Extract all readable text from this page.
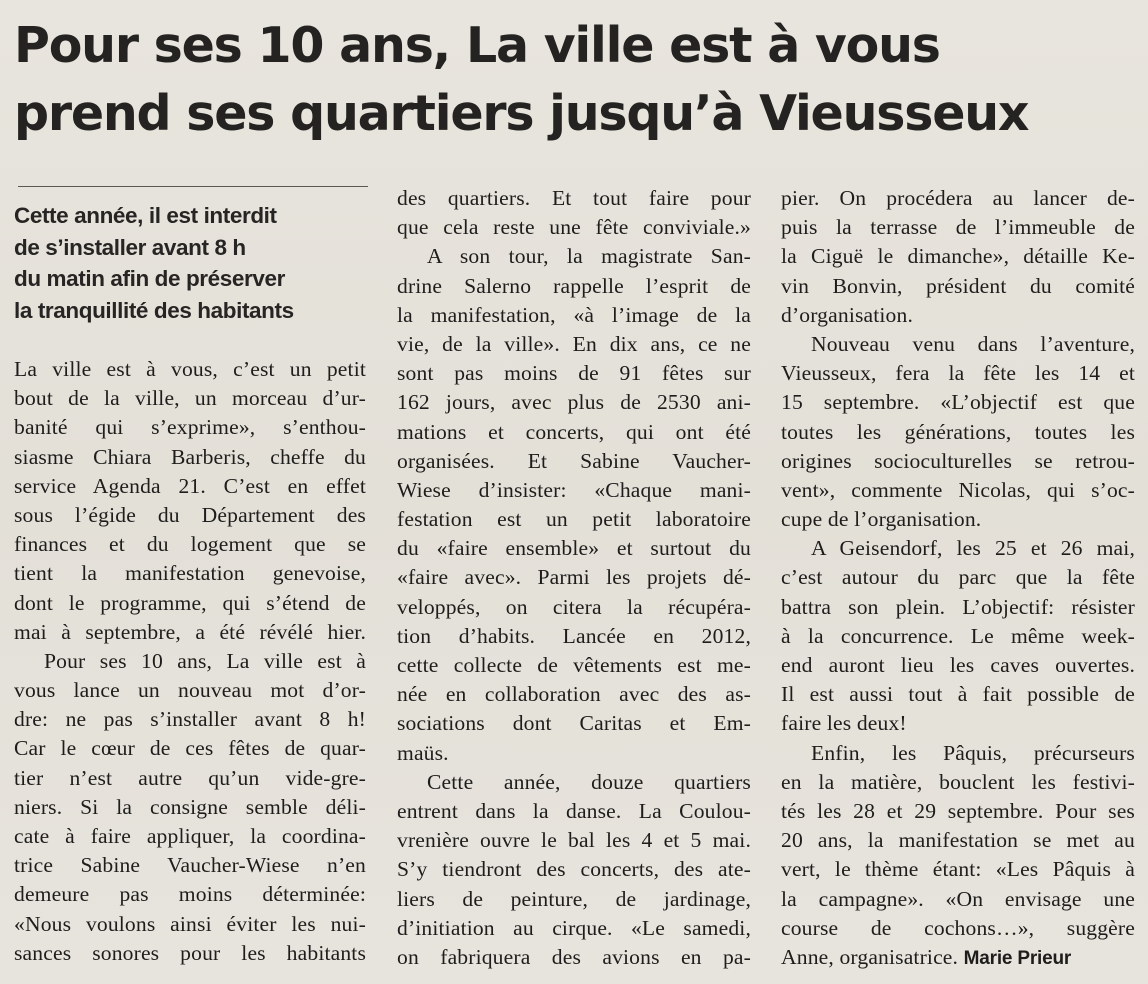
Pour ses 10 ans, La ville est à vous
prend ses quartiers jusqu’à Vieusseux
Cette année, il est interdit
de s’installer avant 8 h
du matin afin de préserver
la tranquillité des habitants
La ville est à vous, c’est un petit
bout de la ville, un morceau d’ur-
banité qui s’exprime», s’enthou-
siasme Chiara Barberis, cheffe du
service Agenda 21. C’est en effet
sous l’égide du Département des
finances et du logement que se
tient la manifestation genevoise,
dont le programme, qui s’étend de
mai à septembre, a été révélé hier.
Pour ses 10 ans, La ville est à
vous lance un nouveau mot d’or-
dre: ne pas s’installer avant 8 h!
Car le cœur de ces fêtes de quar-
tier n’est autre qu’un vide-gre-
niers. Si la consigne semble déli-
cate à faire appliquer, la coordina-
trice Sabine Vaucher-Wiese n’en
demeure pas moins déterminée:
«Nous voulons ainsi éviter les nui-
sances sonores pour les habitants
des quartiers. Et tout faire pour
que cela reste une fête conviviale.»
A son tour, la magistrate San-
drine Salerno rappelle l’esprit de
la manifestation, «à l’image de la
vie, de la ville». En dix ans, ce ne
sont pas moins de 91 fêtes sur
162 jours, avec plus de 2530 ani-
mations et concerts, qui ont été
organisées. Et Sabine Vaucher-
Wiese d’insister: «Chaque mani-
festation est un petit laboratoire
du «faire ensemble» et surtout du
«faire avec». Parmi les projets dé-
veloppés, on citera la récupéra-
tion d’habits. Lancée en 2012,
cette collecte de vêtements est me-
née en collaboration avec des as-
sociations dont Caritas et Em-
maüs.
Cette année, douze quartiers
entrent dans la danse. La Coulou-
vrenière ouvre le bal les 4 et 5 mai.
S’y tiendront des concerts, des ate-
liers de peinture, de jardinage,
d’initiation au cirque. «Le samedi,
on fabriquera des avions en pa-
pier. On procédera au lancer de-
puis la terrasse de l’immeuble de
la Ciguë le dimanche», détaille Ke-
vin Bonvin, président du comité
d’organisation.
Nouveau venu dans l’aventure,
Vieusseux, fera la fête les 14 et
15 septembre. «L’objectif est que
toutes les générations, toutes les
origines socioculturelles se retrou-
vent», commente Nicolas, qui s’oc-
cupe de l’organisation.
A Geisendorf, les 25 et 26 mai,
c’est autour du parc que la fête
battra son plein. L’objectif: résister
à la concurrence. Le même week-
end auront lieu les caves ouvertes.
Il est aussi tout à fait possible de
faire les deux!
Enfin, les Pâquis, précurseurs
en la matière, bouclent les festivi-
tés les 28 et 29 septembre. Pour ses
20 ans, la manifestation se met au
vert, le thème étant: «Les Pâquis à
la campagne». «On envisage une
course de cochons…», suggère
Anne, organisatrice. Marie Prieur
